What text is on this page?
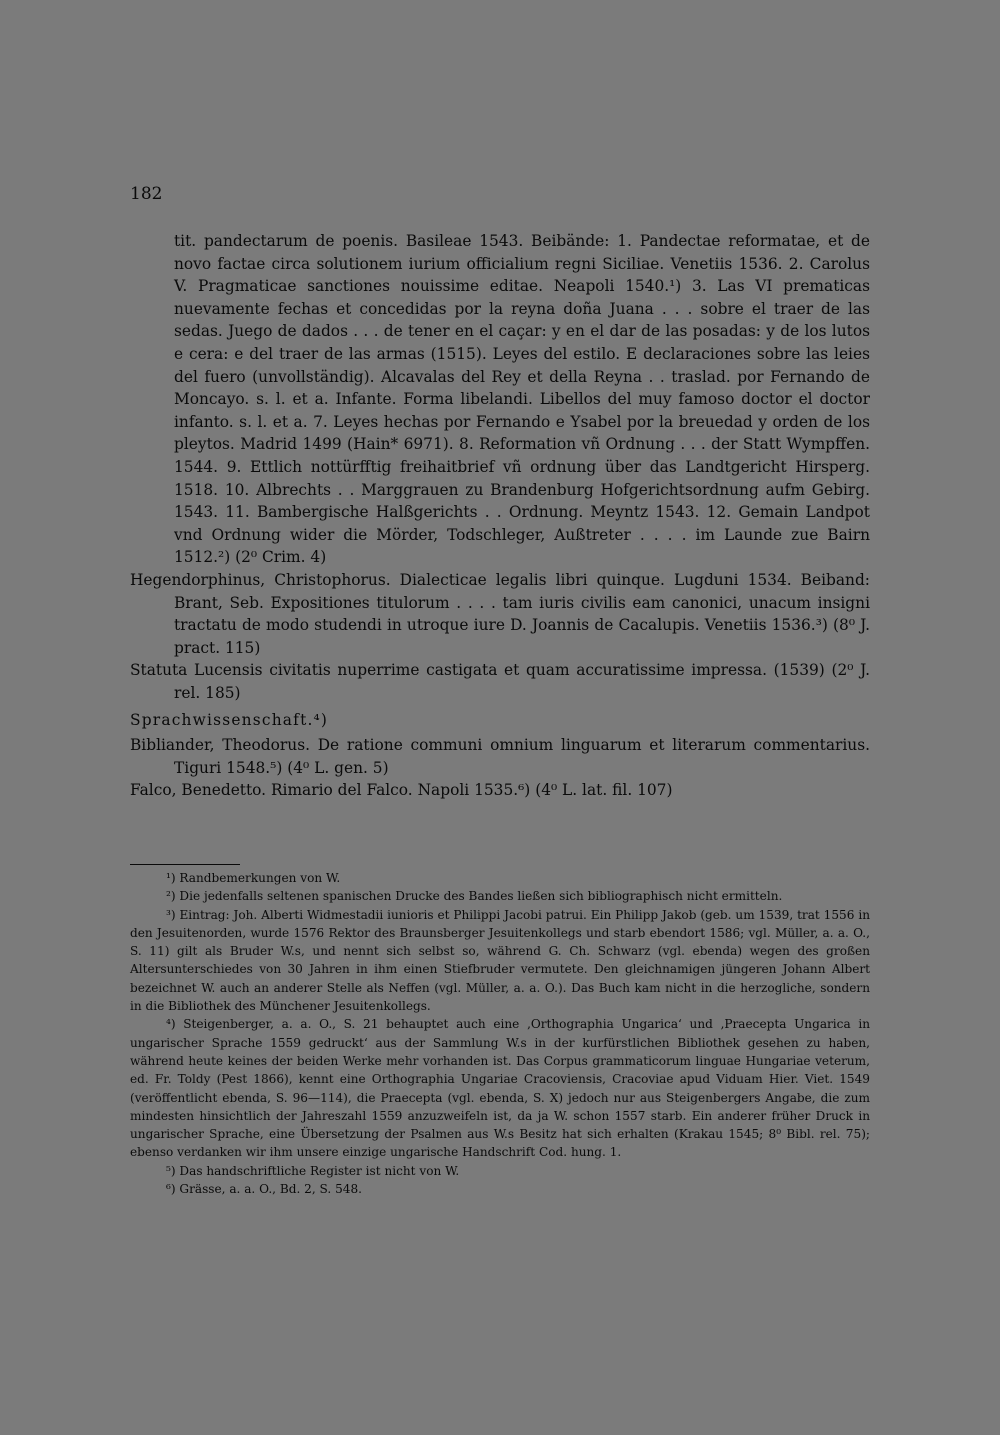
182

tit. pandectarum de poenis. Basileae 1543. Beibände: 1. Pandectae reformatae, et de novo factae circa solutionem iurium officialium regni Siciliae. Venetiis 1536. 2. Carolus V. Pragmaticae sanctiones nouissime editae. Neapoli 1540.¹) 3. Las VI prematicas nuevamente fechas et concedidas por la reyna doña Juana . . . sobre el traer de las sedas. Juego de dados . . . de tener en el caçar: y en el dar de las posadas: y de los lutos e cera: e del traer de las armas (1515). Leyes del estilo. E declaraciones sobre las leies del fuero (unvollständig). Alcavalas del Rey et della Reyna . . traslad. por Fernando de Moncayo. s. l. et a. Infante. Forma libelandi. Libellos del muy famoso doctor el doctor infanto. s. l. et a. 7. Leyes hechas por Fernando e Ysabel por la breuedad y orden de los pleytos. Madrid 1499 (Hain* 6971). 8. Reformation vñ Ordnung . . . der Statt Wympffen. 1544. 9. Ettlich nottürfftig freihaitbrief vñ ordnung über das Landtgericht Hirsperg. 1518. 10. Albrechts . . Marggrauen zu Brandenburg Hofgerichtsordnung aufm Gebirg. 1543. 11. Bambergische Halßgerichts . . Ordnung. Meyntz 1543. 12. Gemain Landpot vnd Ordnung wider die Mörder, Todschleger, Außtreter . . . . im Launde zue Bairn 1512.²) (2⁰ Crim. 4)

Hegendorphinus, Christophorus. Dialecticae legalis libri quinque. Lugduni 1534. Beiband: Brant, Seb. Expositiones titulorum . . . . tam iuris civilis eam canonici, unacum insigni tractatu de modo studendi in utroque iure D. Joannis de Cacalupis. Venetiis 1536.³) (8⁰ J. pract. 115)

Statuta Lucensis civitatis nuperrime castigata et quam accuratissime impressa. (1539) (2⁰ J. rel. 185)

Sprachwissenschaft.⁴)

Bibliander, Theodorus. De ratione communi omnium linguarum et literarum commentarius. Tiguri 1548.⁵) (4⁰ L. gen. 5)

Falco, Benedetto. Rimario del Falco. Napoli 1535.⁶) (4⁰ L. lat. fil. 107)

¹) Randbemerkungen von W.

²) Die jedenfalls seltenen spanischen Drucke des Bandes ließen sich bibliographisch nicht ermitteln.

³) Eintrag: Joh. Alberti Widmestadii iunioris et Philippi Jacobi patrui. Ein Philipp Jakob (geb. um 1539, trat 1556 in den Jesuitenorden, wurde 1576 Rektor des Braunsberger Jesuitenkollegs und starb ebendort 1586; vgl. Müller, a. a. O., S. 11) gilt als Bruder W.s, und nennt sich selbst so, während G. Ch. Schwarz (vgl. ebenda) wegen des großen Altersunterschiedes von 30 Jahren in ihm einen Stiefbruder vermutete. Den gleichnamigen jüngeren Johann Albert bezeichnet W. auch an anderer Stelle als Neffen (vgl. Müller, a. a. O.). Das Buch kam nicht in die herzogliche, sondern in die Bibliothek des Münchener Jesuitenkollegs.

⁴) Steigenberger, a. a. O., S. 21 behauptet auch eine ‚Orthographia Ungarica‘ und ‚Praecepta Ungarica in ungarischer Sprache 1559 gedruckt‘ aus der Sammlung W.s in der kurfürstlichen Bibliothek gesehen zu haben, während heute keines der beiden Werke mehr vorhanden ist. Das Corpus grammaticorum linguae Hungariae veterum, ed. Fr. Toldy (Pest 1866), kennt eine Orthographia Ungariae Cracoviensis, Cracoviae apud Viduam Hier. Viet. 1549 (veröffentlicht ebenda, S. 96—114), die Praecepta (vgl. ebenda, S. X) jedoch nur aus Steigenbergers Angabe, die zum mindesten hinsichtlich der Jahreszahl 1559 anzuzweifeln ist, da ja W. schon 1557 starb. Ein anderer früher Druck in ungarischer Sprache, eine Übersetzung der Psalmen aus W.s Besitz hat sich erhalten (Krakau 1545; 8⁰ Bibl. rel. 75); ebenso verdanken wir ihm unsere einzige ungarische Handschrift Cod. hung. 1.

⁵) Das handschriftliche Register ist nicht von W.

⁶) Grässe, a. a. O., Bd. 2, S. 548.
